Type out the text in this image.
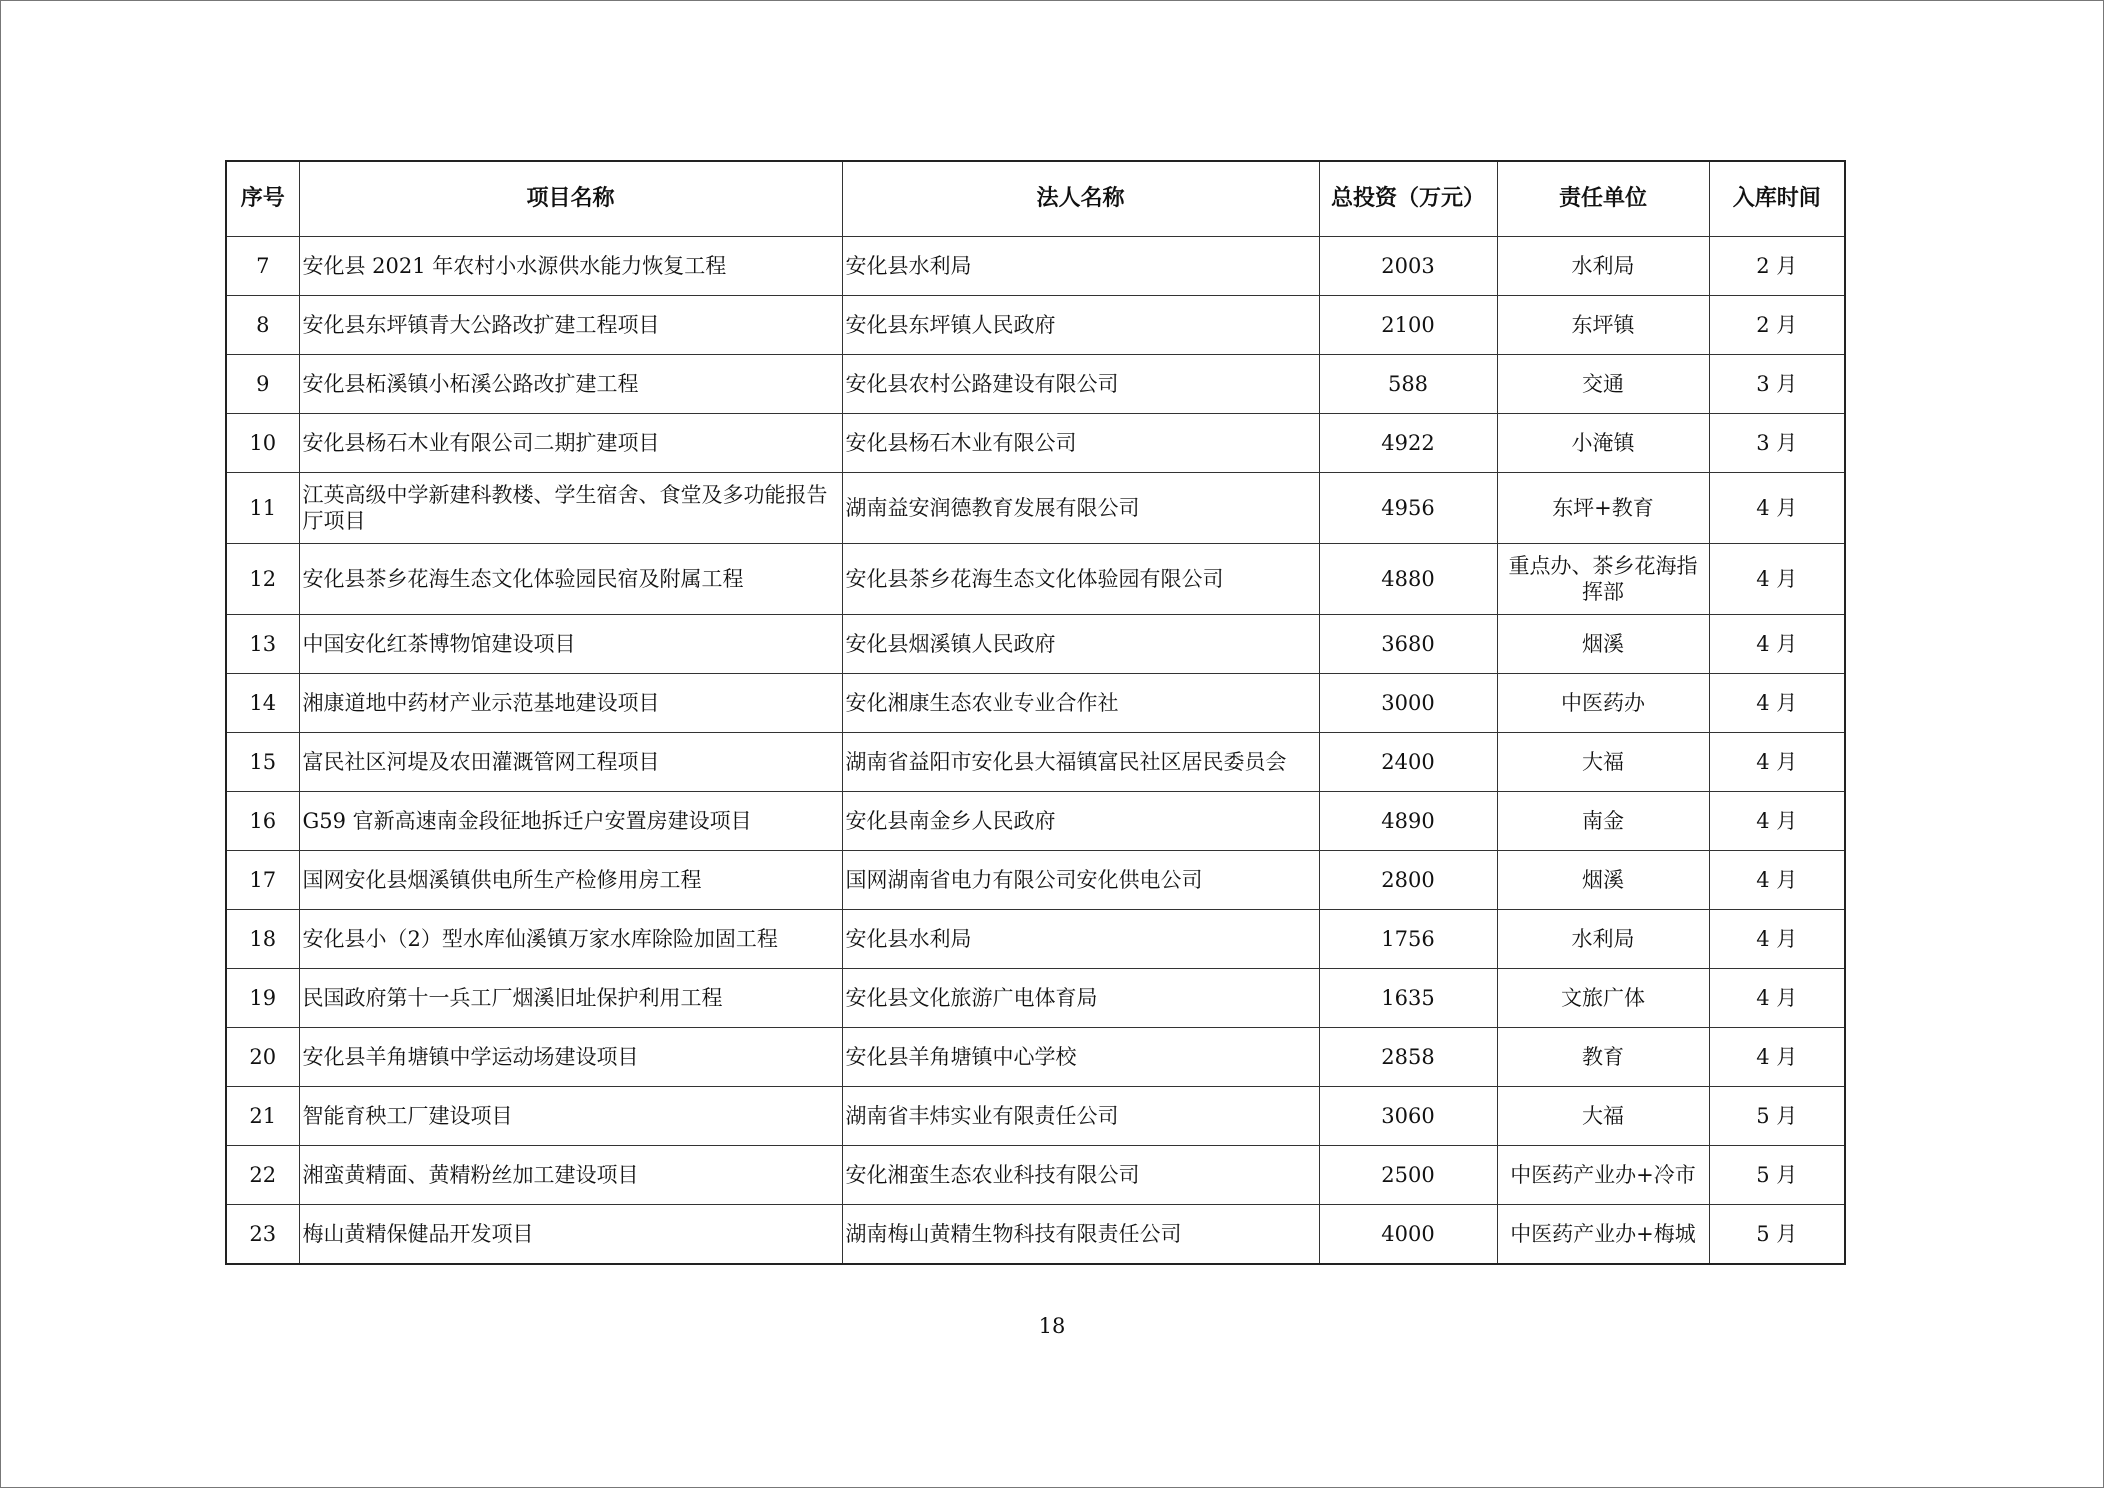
序号	项目名称	法人名称	总投资（万元）	责任单位	入库时间
7	安化县 2021 年农村小水源供水能力恢复工程	安化县水利局	2003	水利局	2 月
8	安化县东坪镇青大公路改扩建工程项目	安化县东坪镇人民政府	2100	东坪镇	2 月
9	安化县柘溪镇小柘溪公路改扩建工程	安化县农村公路建设有限公司	588	交通	3 月
10	安化县杨石木业有限公司二期扩建项目	安化县杨石木业有限公司	4922	小淹镇	3 月
11	江英高级中学新建科教楼、学生宿舍、食堂及多功能报告厅项目	湖南益安润德教育发展有限公司	4956	东坪+教育	4 月
12	安化县茶乡花海生态文化体验园民宿及附属工程	安化县茶乡花海生态文化体验园有限公司	4880	重点办、茶乡花海指挥部	4 月
13	中国安化红茶博物馆建设项目	安化县烟溪镇人民政府	3680	烟溪	4 月
14	湘康道地中药材产业示范基地建设项目	安化湘康生态农业专业合作社	3000	中医药办	4 月
15	富民社区河堤及农田灌溉管网工程项目	湖南省益阳市安化县大福镇富民社区居民委员会	2400	大福	4 月
16	G59 官新高速南金段征地拆迁户安置房建设项目	安化县南金乡人民政府	4890	南金	4 月
17	国网安化县烟溪镇供电所生产检修用房工程	国网湖南省电力有限公司安化供电公司	2800	烟溪	4 月
18	安化县小（2）型水库仙溪镇万家水库除险加固工程	安化县水利局	1756	水利局	4 月
19	民国政府第十一兵工厂烟溪旧址保护利用工程	安化县文化旅游广电体育局	1635	文旅广体	4 月
20	安化县羊角塘镇中学运动场建设项目	安化县羊角塘镇中心学校	2858	教育	4 月
21	智能育秧工厂建设项目	湖南省丰炜实业有限责任公司	3060	大福	5 月
22	湘蛮黄精面、黄精粉丝加工建设项目	安化湘蛮生态农业科技有限公司	2500	中医药产业办+冷市	5 月
23	梅山黄精保健品开发项目	湖南梅山黄精生物科技有限责任公司	4000	中医药产业办+梅城	5 月
18
